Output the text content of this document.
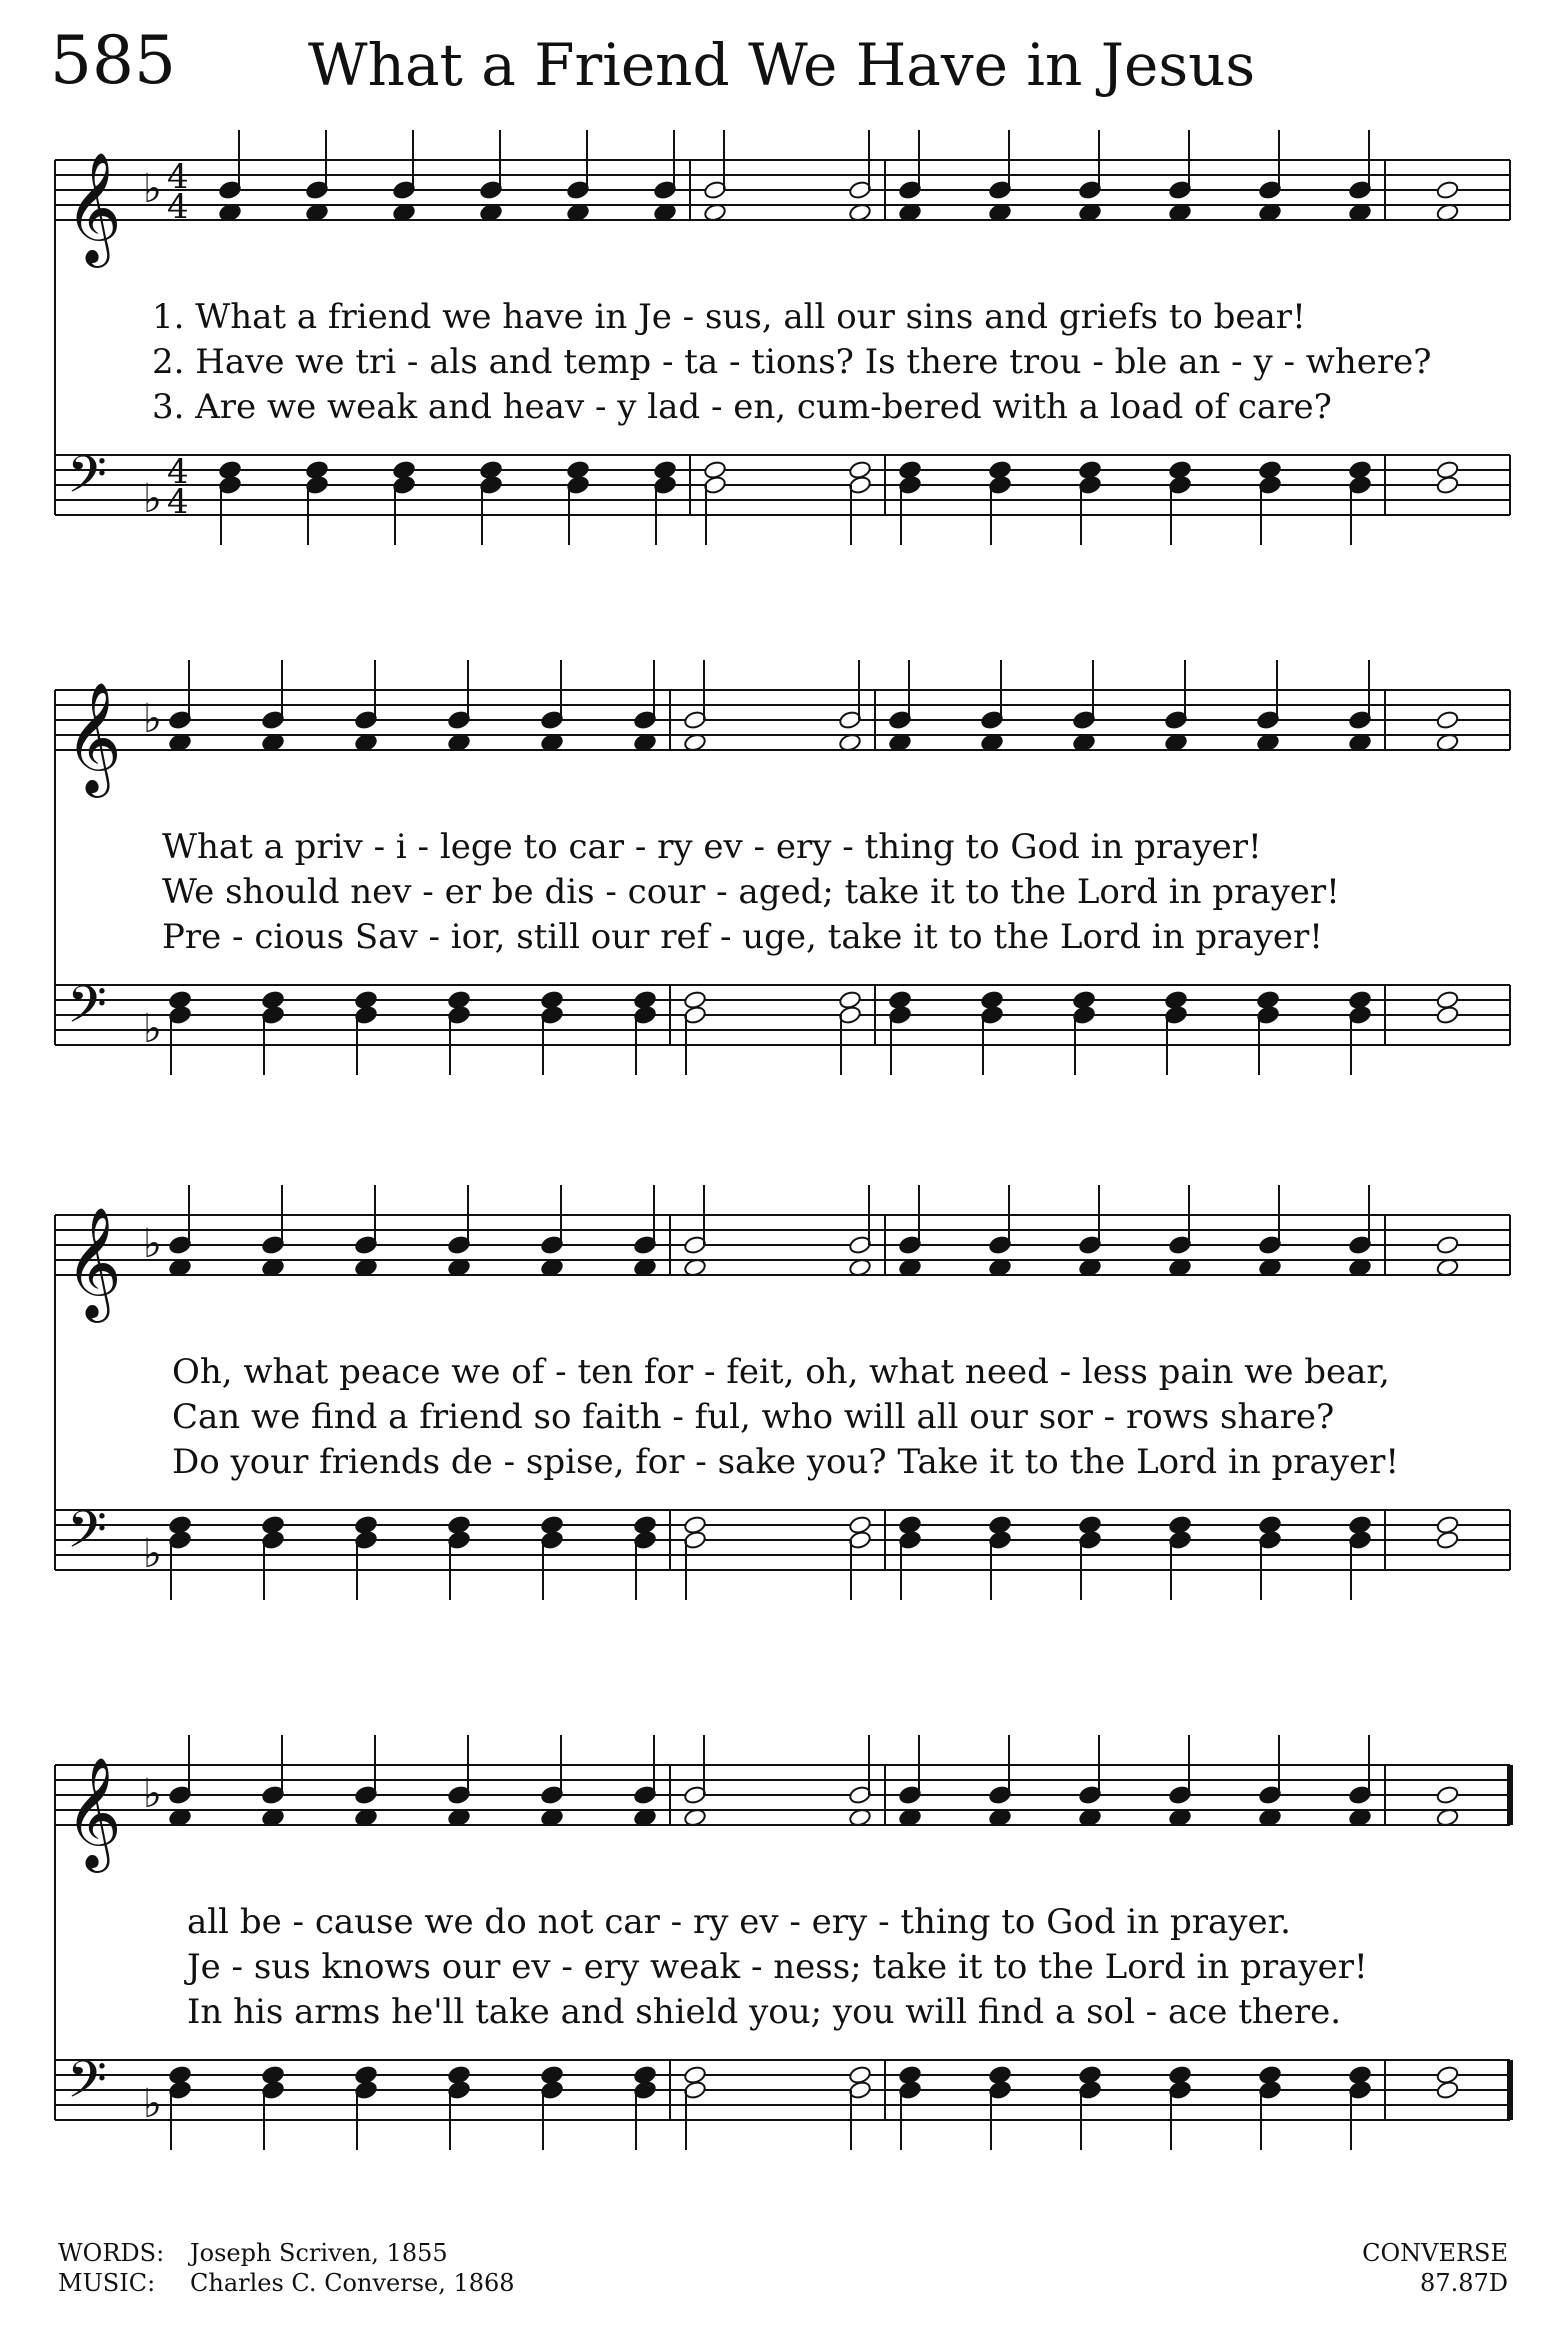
585 What a Friend We Have in Jesus
𝄞
𝄢
♭
♭
4
4
4
4
𝄞
𝄢
♭
♭
𝄞
𝄢
♭
♭
𝄞
𝄢
♭
♭
1. What a friend we have in Je - sus, all our sins and griefs to bear!
2. Have we tri - als and temp - ta - tions? Is there trou - ble an - y - where?
3. Are we weak and heav - y lad - en, cum-bered with a load of care?
What a priv - i - lege to car - ry ev - ery - thing to God in prayer!
We should nev - er be dis - cour - aged; take it to the Lord in prayer!
Pre - cious Sav - ior, still our ref - uge, take it to the Lord in prayer!
Oh, what peace we of - ten for - feit, oh, what need - less pain we bear,
Can we find a friend so faith - ful, who will all our sor - rows share?
Do your friends de - spise, for - sake you? Take it to the Lord in prayer!
all be - cause we do not car - ry ev - ery - thing to God in prayer.
Je - sus knows our ev - ery weak - ness; take it to the Lord in prayer!
In his arms he'll take and shield you; you will find a sol - ace there.
WORDS: Joseph Scriven, 1855
MUSIC: Charles C. Converse, 1868
CONVERSE
87.87D
